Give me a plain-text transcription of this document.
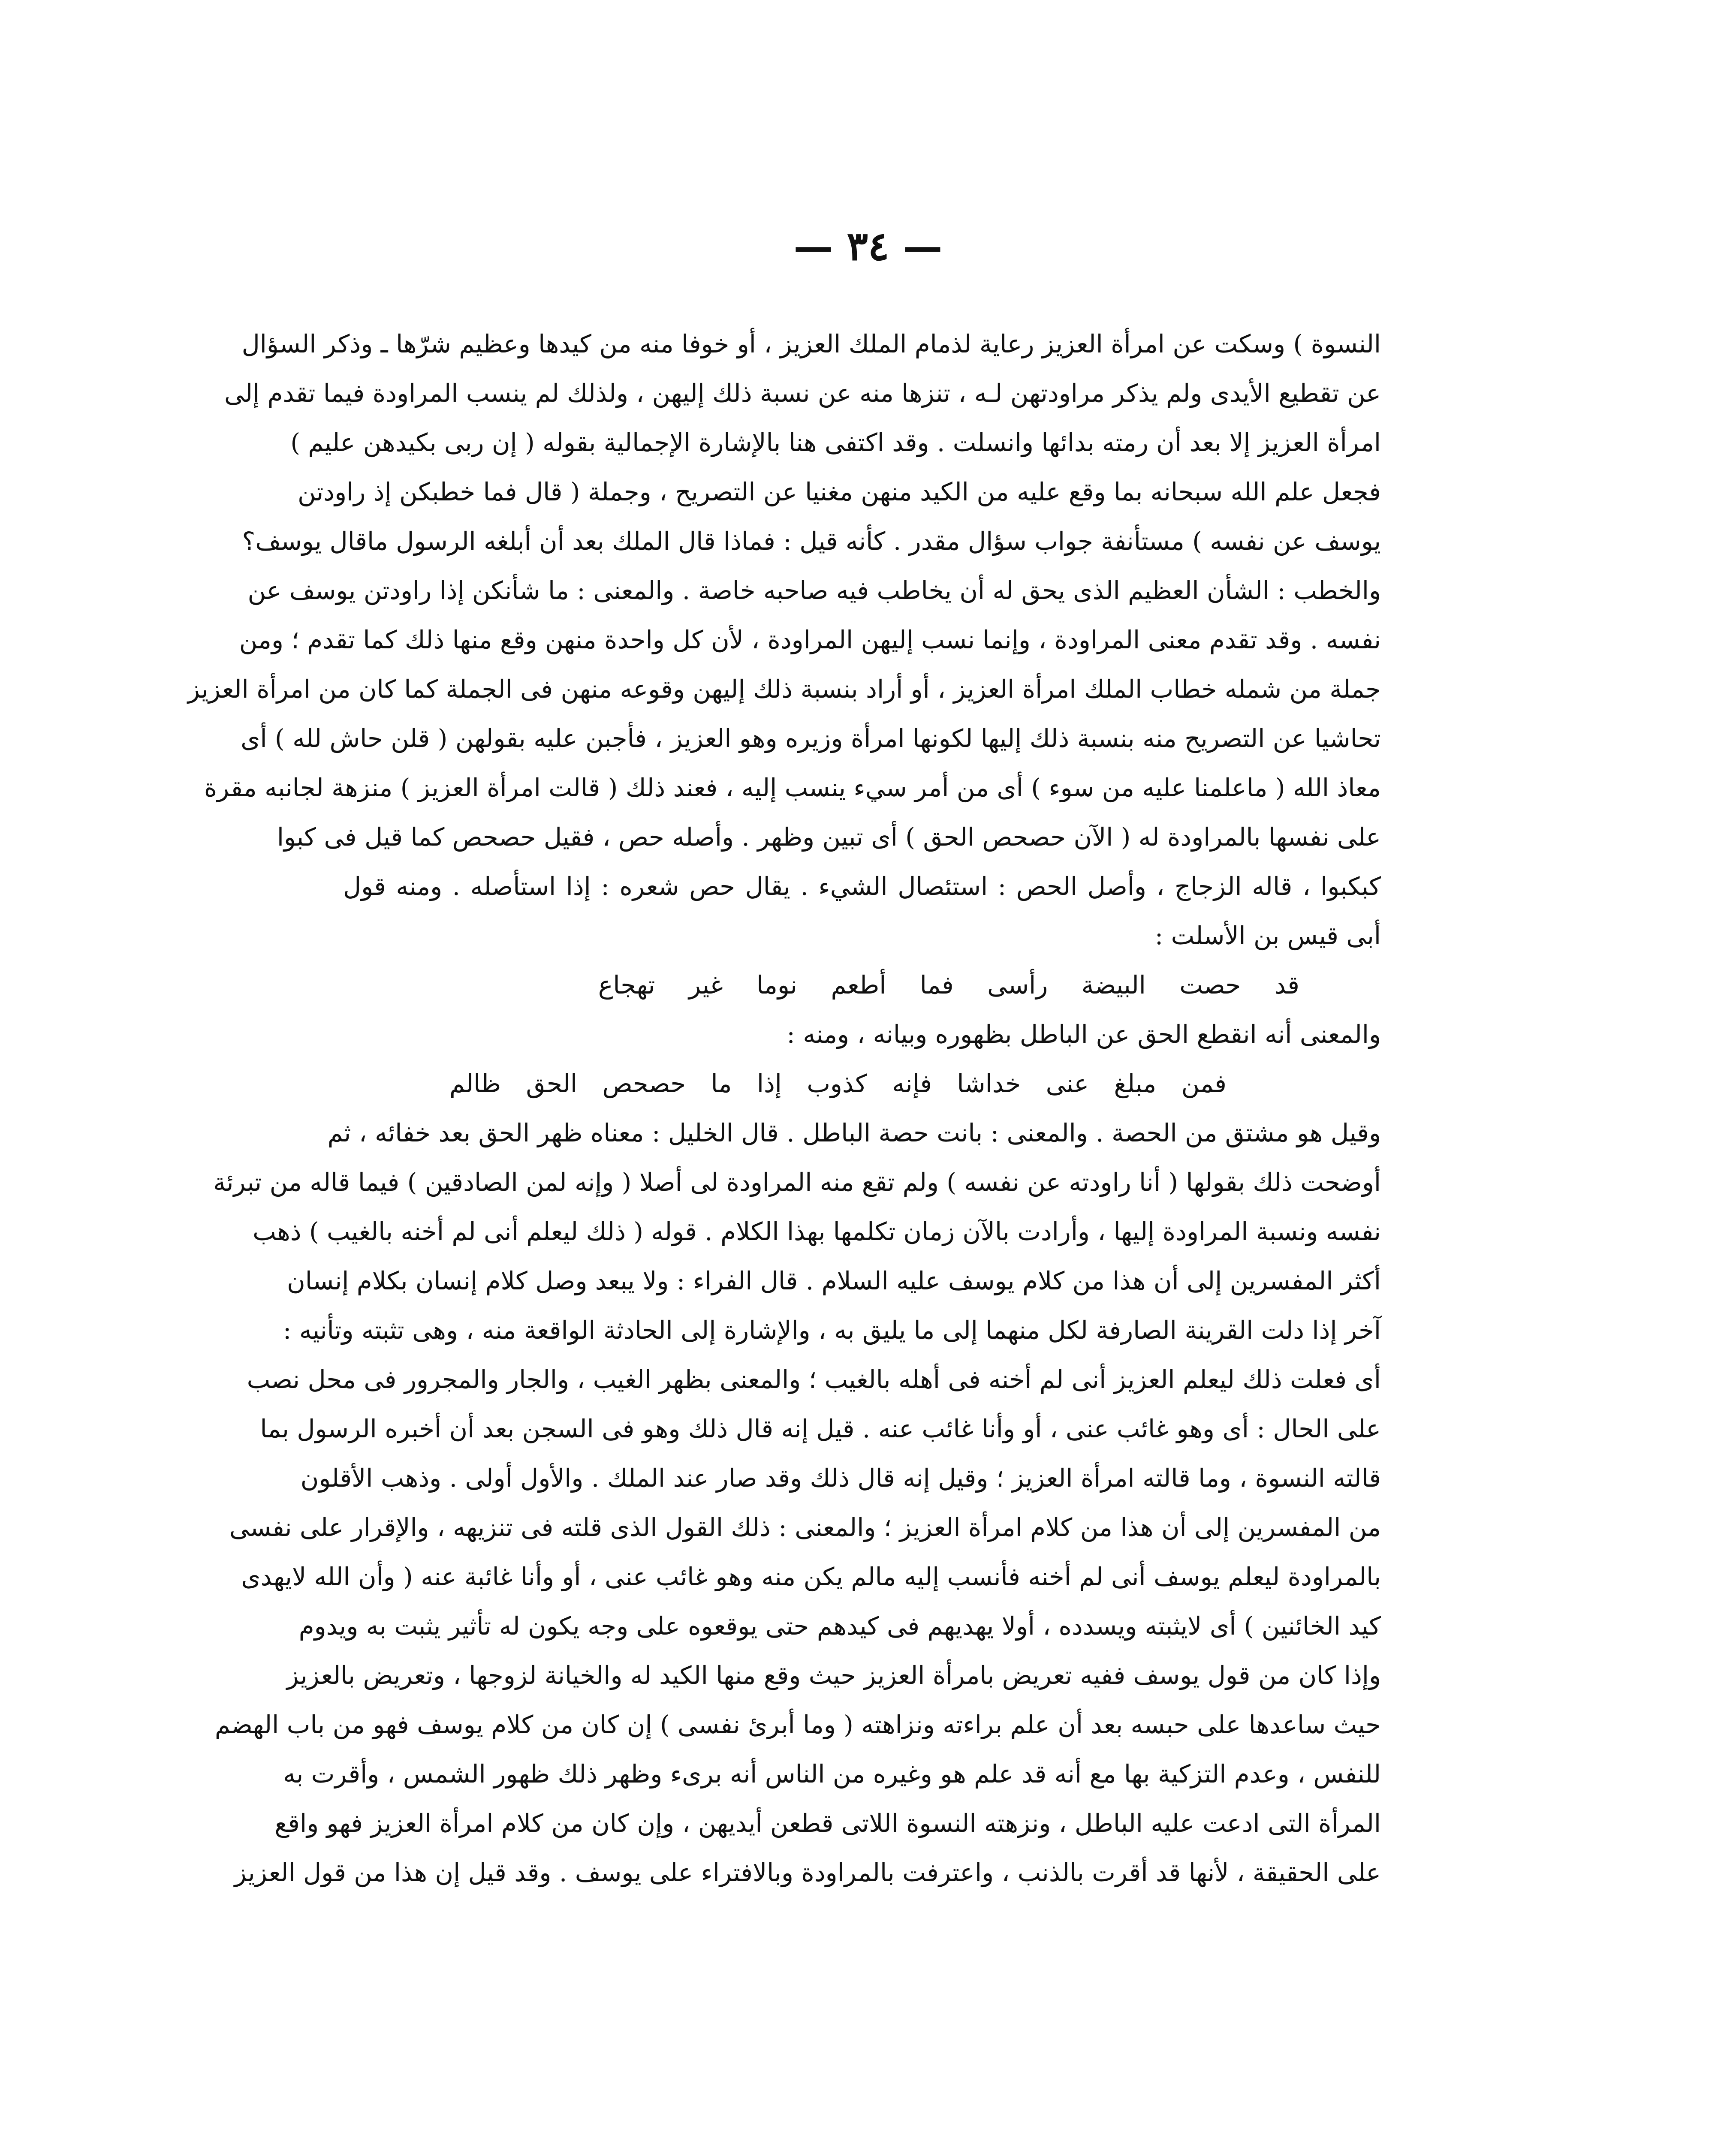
— ٣٤ —
النسوة ) وسكت عن امرأة العزيز رعاية لذمام الملك العزيز ، أو خوفا منه من كيدها وعظيم شرّها ـ وذكر السؤال
عن تقطيع الأيدى ولم يذكر مراودتهن لـه ، تنزها منه عن نسبة ذلك إليهن ، ولذلك لم ينسب المراودة فيما تقدم إلى
امرأة العزيز إلا بعد أن رمته بدائها وانسلت . وقد اكتفى هنا بالإشارة الإجمالية بقوله ( إن ربى بكيدهن عليم )
فجعل علم الله سبحانه بما وقع عليه من الكيد منهن مغنيا عن التصريح ، وجملة ( قال فما خطبكن إذ راودتن
يوسف عن نفسه ) مستأنفة جواب سؤال مقدر . كأنه قيل : فماذا قال الملك بعد أن أبلغه الرسول ماقال يوسف؟
والخطب : الشأن العظيم الذى يحق له أن يخاطب فيه صاحبه خاصة . والمعنى : ما شأنكن إذا راودتن يوسف عن
نفسه . وقد تقدم معنى المراودة ، وإنما نسب إليهن المراودة ، لأن كل واحدة منهن وقع منها ذلك كما تقدم ؛ ومن
جملة من شمله خطاب الملك امرأة العزيز ، أو أراد بنسبة ذلك إليهن وقوعه منهن فى الجملة كما كان من امرأة العزيز
تحاشيا عن التصريح منه بنسبة ذلك إليها لكونها امرأة وزيره وهو العزيز ، فأجبن عليه بقولهن ( قلن حاش لله ) أى
معاذ الله ( ماعلمنا عليه من سوء ) أى من أمر سيء ينسب إليه ، فعند ذلك ( قالت امرأة العزيز ) منزهة لجانبه مقرة
على نفسها بالمراودة له ( الآن حصحص الحق ) أى تبين وظهر . وأصله حص ، فقيل حصحص كما قيل فى كبوا
كبكبوا ، قاله الزجاج ، وأصل الحص : استئصال الشيء . يقال حص شعره : إذا استأصله . ومنه قول
أبى قيس بن الأسلت :
قد حصت البيضة رأسى فما أطعم نوما غير تهجاع
والمعنى أنه انقطع الحق عن الباطل بظهوره وبيانه ، ومنه :
فمن مبلغ عنى خداشا فإنه كذوب إذا ما حصحص الحق ظالم
وقيل هو مشتق من الحصة . والمعنى : بانت حصة الباطل . قال الخليل : معناه ظهر الحق بعد خفائه ، ثم
أوضحت ذلك بقولها ( أنا راودته عن نفسه ) ولم تقع منه المراودة لى أصلا ( وإنه لمن الصادقين ) فيما قاله من تبرئة
نفسه ونسبة المراودة إليها ، وأرادت بالآن زمان تكلمها بهذا الكلام . قوله ( ذلك ليعلم أنى لم أخنه بالغيب ) ذهب
أكثر المفسرين إلى أن هذا من كلام يوسف عليه السلام . قال الفراء : ولا يبعد وصل كلام إنسان بكلام إنسان
آخر إذا دلت القرينة الصارفة لكل منهما إلى ما يليق به ، والإشارة إلى الحادثة الواقعة منه ، وهى تثبته وتأنيه :
أى فعلت ذلك ليعلم العزيز أنى لم أخنه فى أهله بالغيب ؛ والمعنى بظهر الغيب ، والجار والمجرور فى محل نصب
على الحال : أى وهو غائب عنى ، أو وأنا غائب عنه . قيل إنه قال ذلك وهو فى السجن بعد أن أخبره الرسول بما
قالته النسوة ، وما قالته امرأة العزيز ؛ وقيل إنه قال ذلك وقد صار عند الملك . والأول أولى . وذهب الأقلون
من المفسرين إلى أن هذا من كلام امرأة العزيز ؛ والمعنى : ذلك القول الذى قلته فى تنزيهه ، والإقرار على نفسى
بالمراودة ليعلم يوسف أنى لم أخنه فأنسب إليه مالم يكن منه وهو غائب عنى ، أو وأنا غائبة عنه ( وأن الله لايهدى
كيد الخائنين ) أى لايثبته ويسدده ، أولا يهديهم فى كيدهم حتى يوقعوه على وجه يكون له تأثير يثبت به ويدوم
وإذا كان من قول يوسف ففيه تعريض بامرأة العزيز حيث وقع منها الكيد له والخيانة لزوجها ، وتعريض بالعزيز
حيث ساعدها على حبسه بعد أن علم براءته ونزاهته ( وما أبرئ نفسى ) إن كان من كلام يوسف فهو من باب الهضم
للنفس ، وعدم التزكية بها مع أنه قد علم هو وغيره من الناس أنه برىء وظهر ذلك ظهور الشمس ، وأقرت به
المرأة التى ادعت عليه الباطل ، ونزهته النسوة اللاتى قطعن أيديهن ، وإن كان من كلام امرأة العزيز فهو واقع
على الحقيقة ، لأنها قد أقرت بالذنب ، واعترفت بالمراودة وبالافتراء على يوسف . وقد قيل إن هذا من قول العزيز
